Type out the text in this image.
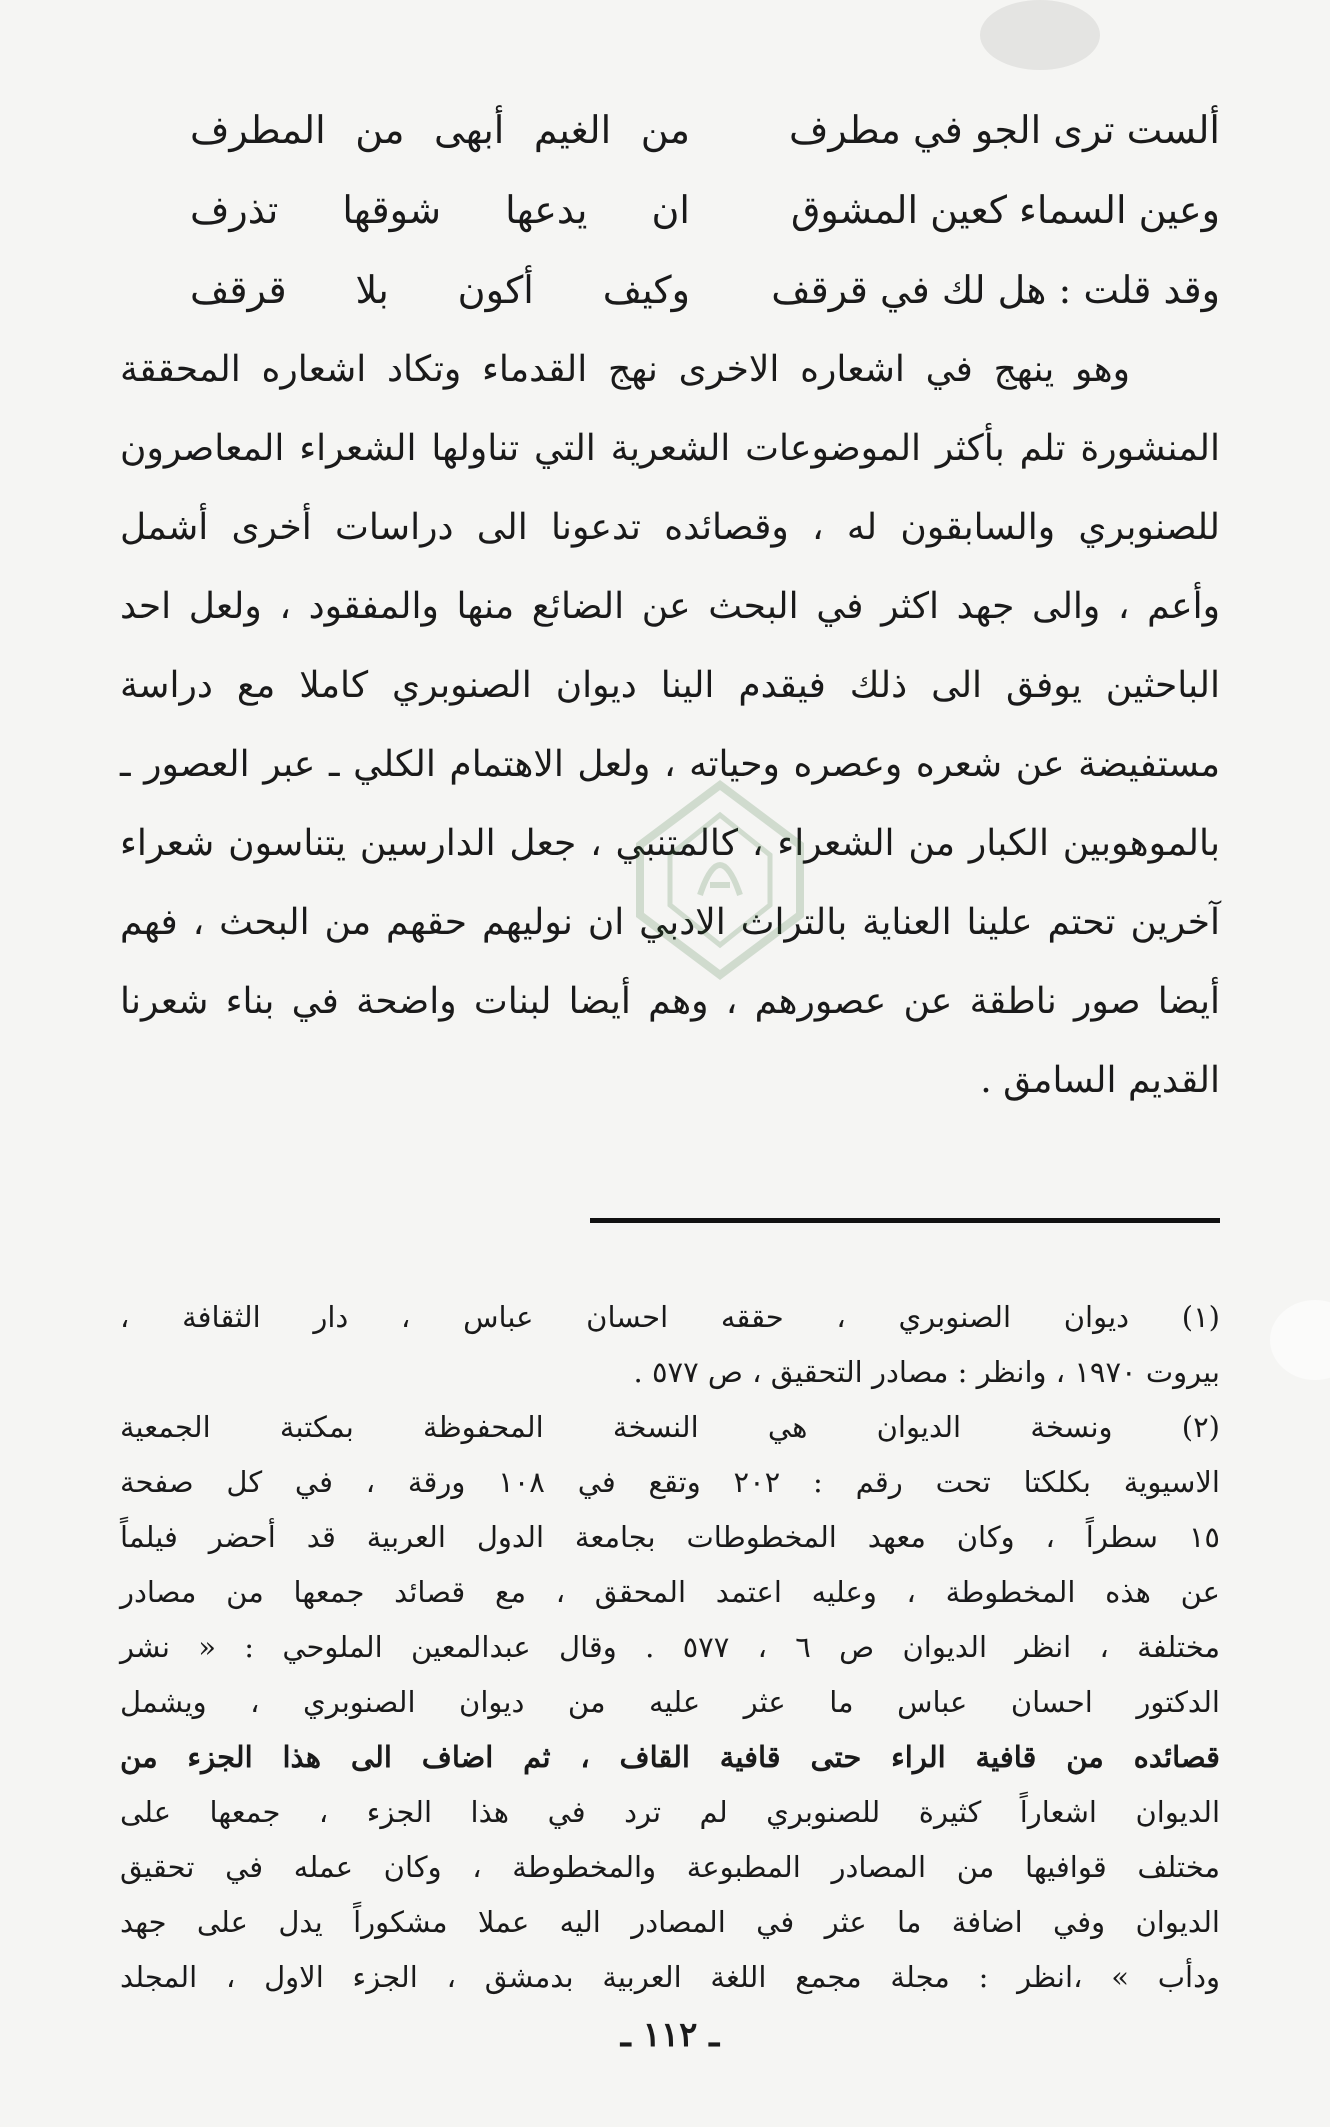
ألست ترى الجو في مطرف
من الغيم أبهى من المطرف
وعين السماء كعين المشوق
ان يدعها شوقها تذرف
وقد قلت : هل لك في قرقف
وكيف أكون بلا قرقف
وهو ينهج في اشعاره الاخرى نهج القدماء وتكاد اشعاره المحققة
المنشورة تلم بأكثر الموضوعات الشعرية التي تناولها الشعراء المعاصرون
للصنوبري والسابقون له ، وقصائده تدعونا الى دراسات أخرى أشمل
وأعم ، والى جهد اكثر في البحث عن الضائع منها والمفقود ، ولعل احد
الباحثين يوفق الى ذلك فيقدم الينا ديوان الصنوبري كاملا مع دراسة
مستفيضة عن شعره وعصره وحياته ، ولعل الاهتمام الكلي ـ عبر العصور ـ
بالموهوبين الكبار من الشعراء ، كالمتنبي ، جعل الدارسين يتناسون شعراء
آخرين تحتم علينا العناية بالتراث الادبي ان نوليهم حقهم من البحث ، فهم
أيضا صور ناطقة عن عصورهم ، وهم أيضا لبنات واضحة في بناء شعرنا
القديم السامق .
(١) ديوان الصنوبري ، حققه احسان عباس ، دار الثقافة ،
بيروت ١٩٧٠ ، وانظر : مصادر التحقيق ، ص ٥٧٧ .
(٢) ونسخة الديوان هي النسخة المحفوظة بمكتبة الجمعية
الاسيوية بكلكتا تحت رقم : ٢٠٢ وتقع في ١٠٨ ورقة ، في كل صفحة
١٥ سطراً ، وكان معهد المخطوطات بجامعة الدول العربية قد أحضر فيلماً
عن هذه المخطوطة ، وعليه اعتمد المحقق ، مع قصائد جمعها من مصادر
مختلفة ، انظر الديوان ص ٦ ، ٥٧٧ . وقال عبدالمعين الملوحي : « نشر
الدكتور احسان عباس ما عثر عليه من ديوان الصنوبري ، ويشمل
قصائده من قافية الراء حتى قافية القاف ، ثم اضاف الى هذا الجزء من
الديوان اشعاراً كثيرة للصنوبري لم ترد في هذا الجزء ، جمعها على
مختلف قوافيها من المصادر المطبوعة والمخطوطة ، وكان عمله في تحقيق
الديوان وفي اضافة ما عثر في المصادر اليه عملا مشكوراً يدل على جهد
ودأب » ،انظر : مجلة مجمع اللغة العربية بدمشق ، الجزء الاول ، المجلد
ـ ١١٢ ـ
